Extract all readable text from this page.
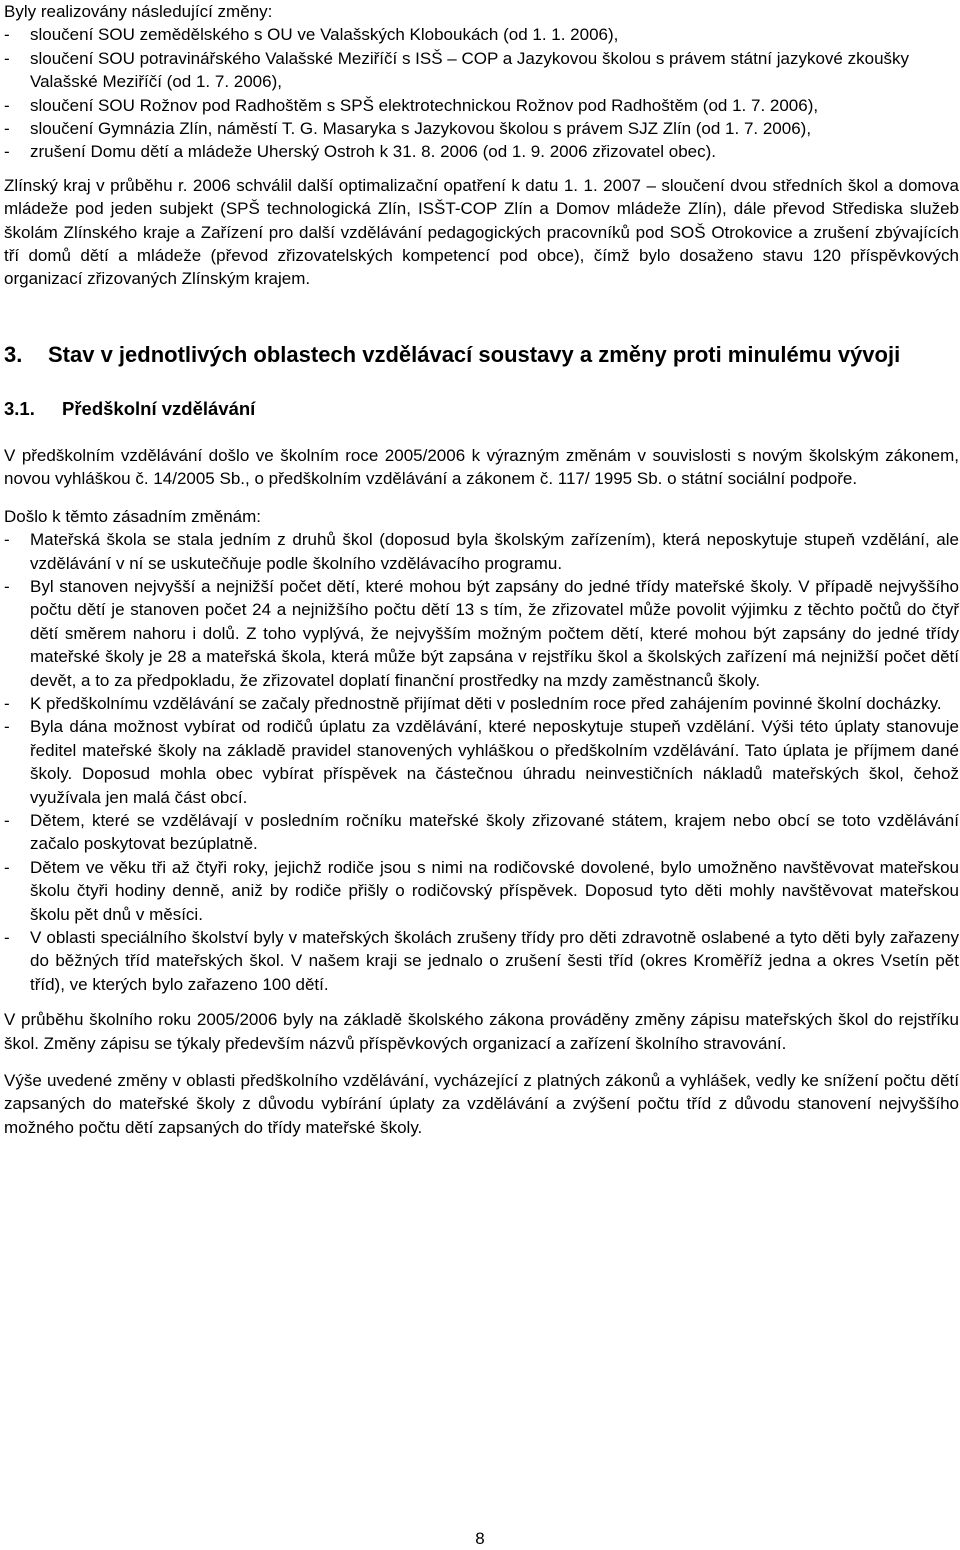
Byly realizovány následující změny:

-	sloučení SOU zemědělského s OU ve Valašských Kloboukách (od 1. 1. 2006),
-	sloučení SOU potravinářského Valašské Meziříčí s ISŠ – COP a Jazykovou školou s právem státní jazykové zkoušky Valašské Meziříčí (od 1. 7. 2006),
-	sloučení SOU Rožnov pod Radhoštěm s SPŠ elektrotechnickou Rožnov pod Radhoštěm (od 1. 7. 2006),
-	sloučení Gymnázia Zlín, náměstí T. G. Masaryka s Jazykovou školou s právem SJZ Zlín (od 1. 7. 2006),
-	zrušení Domu dětí a mládeže Uherský Ostroh k 31. 8. 2006 (od 1. 9. 2006 zřizovatel obec).

Zlínský kraj v průběhu r. 2006 schválil další optimalizační opatření k datu 1. 1. 2007 – sloučení dvou středních škol a domova mládeže pod jeden subjekt (SPŠ technologická Zlín, ISŠT-COP Zlín a Domov mládeže Zlín), dále převod Střediska služeb školám Zlínského kraje a Zařízení pro další vzdělávání pedagogických pracovníků pod SOŠ Otrokovice a zrušení zbývajících tří domů dětí a mládeže (převod zřizovatelských kompetencí pod obce), čímž bylo dosaženo stavu 120 příspěvkových organizací zřizovaných Zlínským krajem.

3.	Stav v jednotlivých oblastech vzdělávací soustavy a změny proti minulému vývoji
3.1.	Předškolní vzdělávání

V předškolním vzdělávání došlo ve školním roce 2005/2006 k výrazným změnám v souvislosti s novým školským zákonem, novou vyhláškou č. 14/2005 Sb., o předškolním vzdělávání a zákonem č. 117/ 1995 Sb. o státní sociální podpoře.

Došlo k těmto zásadním změnám:

-	Mateřská škola se stala jedním z druhů škol (doposud byla školským zařízením), která neposkytuje stupeň vzdělání, ale vzdělávání v ní se uskutečňuje podle školního vzdělávacího programu.
-	Byl stanoven nejvyšší a nejnižší počet dětí, které mohou být zapsány do jedné třídy mateřské školy. V případě nejvyššího počtu dětí je stanoven počet 24 a nejnižšího počtu dětí 13 s tím, že zřizovatel může povolit výjimku z těchto počtů do čtyř dětí směrem nahoru i dolů. Z toho vyplývá, že nejvyšším možným počtem dětí, které mohou být zapsány do jedné třídy mateřské školy je 28 a mateřská škola, která může být zapsána v rejstříku škol a školských zařízení má nejnižší počet dětí devět, a to za předpokladu, že zřizovatel doplatí finanční prostředky na mzdy zaměstnanců školy.
-	K předškolnímu vzdělávání se začaly přednostně přijímat děti v posledním roce před zahájením povinné školní docházky.
-	Byla dána možnost vybírat od rodičů úplatu za vzdělávání, které neposkytuje stupeň vzdělání. Výši této úplaty stanovuje ředitel mateřské školy na základě pravidel stanovených vyhláškou o předškolním vzdělávání. Tato úplata je příjmem dané školy. Doposud mohla obec vybírat příspěvek na částečnou úhradu neinvestičních nákladů mateřských škol, čehož využívala jen malá část obcí.
-	Dětem, které se vzdělávají v posledním ročníku mateřské školy zřizované státem, krajem nebo obcí se toto vzdělávání začalo poskytovat bezúplatně.
-	Dětem ve věku tři až čtyři roky, jejichž rodiče jsou s nimi na rodičovské dovolené, bylo umožněno navštěvovat mateřskou školu čtyři hodiny denně, aniž by rodiče přišly o rodičovský příspěvek. Doposud tyto děti mohly navštěvovat mateřskou školu pět dnů v měsíci.
-	V oblasti speciálního školství byly v mateřských školách zrušeny třídy pro děti zdravotně oslabené a tyto děti byly zařazeny do běžných tříd mateřských škol. V našem kraji se jednalo o zrušení šesti tříd (okres Kroměříž jedna a okres Vsetín pět tříd), ve kterých bylo zařazeno 100 dětí.

V průběhu školního roku 2005/2006 byly na základě školského zákona prováděny změny zápisu mateřských škol do rejstříku škol. Změny zápisu se týkaly především názvů příspěvkových organizací a zařízení školního stravování.

Výše uvedené změny v oblasti předškolního vzdělávání, vycházející z platných zákonů a vyhlášek, vedly ke snížení počtu dětí zapsaných do mateřské školy z důvodu vybírání úplaty za vzdělávání a zvýšení počtu tříd z důvodu stanovení nejvyššího možného počtu dětí zapsaných do třídy mateřské školy.

8
